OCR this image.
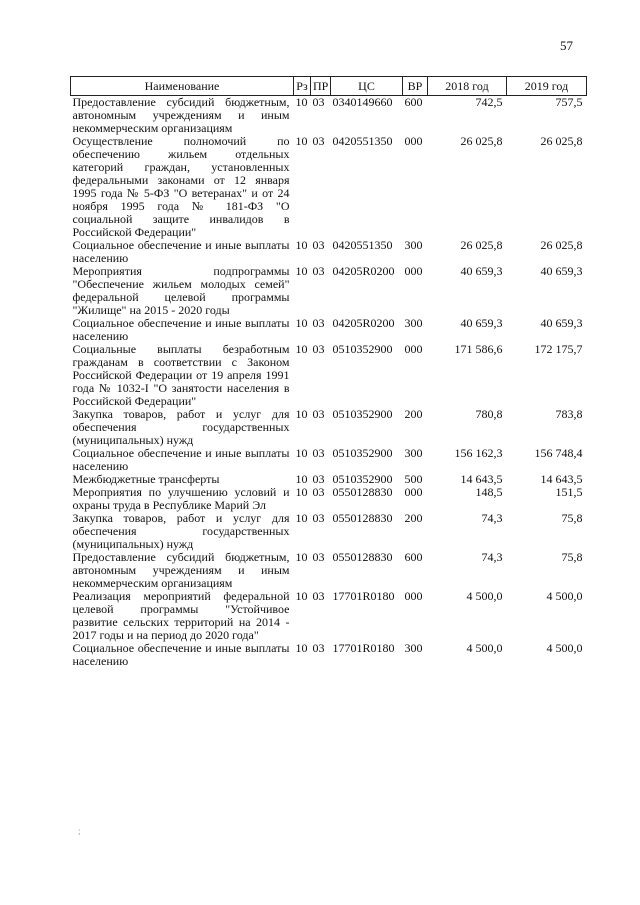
57
Наименование	Рз	ПР	ЦС	ВР	2018 год	2019 год
Предоставление субсидий бюджетным, автономным учреждениям и иным некоммерческим организациям	10	03	0340149660	600	742,5	757,5
Осуществление полномочий по обеспечению жильем отдельных категорий граждан, установленных федеральными законами от 12 января 1995 года № 5-ФЗ "О ветеранах" и от 24 ноября 1995 года № 181-ФЗ "О социальной защите инвалидов в Российской Федерации"	10	03	0420551350	000	26 025,8	26 025,8
Социальное обеспечение и иные выплаты населению	10	03	0420551350	300	26 025,8	26 025,8
Мероприятия подпрограммы "Обеспечение жильем молодых семей" федеральной целевой программы "Жилище" на 2015 - 2020 годы	10	03	04205R0200	000	40 659,3	40 659,3
Социальное обеспечение и иные выплаты населению	10	03	04205R0200	300	40 659,3	40 659,3
Социальные выплаты безработным гражданам в соответствии с Законом Российской Федерации от 19 апреля 1991 года № 1032-I "О занятости населения в Российской Федерации"	10	03	0510352900	000	171 586,6	172 175,7
Закупка товаров, работ и услуг для обеспечения государственных (муниципальных) нужд	10	03	0510352900	200	780,8	783,8
Социальное обеспечение и иные выплаты населению	10	03	0510352900	300	156 162,3	156 748,4
Межбюджетные трансферты	10	03	0510352900	500	14 643,5	14 643,5
Мероприятия по улучшению условий и охраны труда в Республике Марий Эл	10	03	0550128830	000	148,5	151,5
Закупка товаров, работ и услуг для обеспечения государственных (муниципальных) нужд	10	03	0550128830	200	74,3	75,8
Предоставление субсидий бюджетным, автономным учреждениям и иным некоммерческим организациям	10	03	0550128830	600	74,3	75,8
Реализация мероприятий федеральной целевой программы "Устойчивое развитие сельских территорий на 2014 - 2017 годы и на период до 2020 года"	10	03	17701R0180	000	4 500,0	4 500,0
Социальное обеспечение и иные выплаты населению	10	03	17701R0180	300	4 500,0	4 500,0
;
